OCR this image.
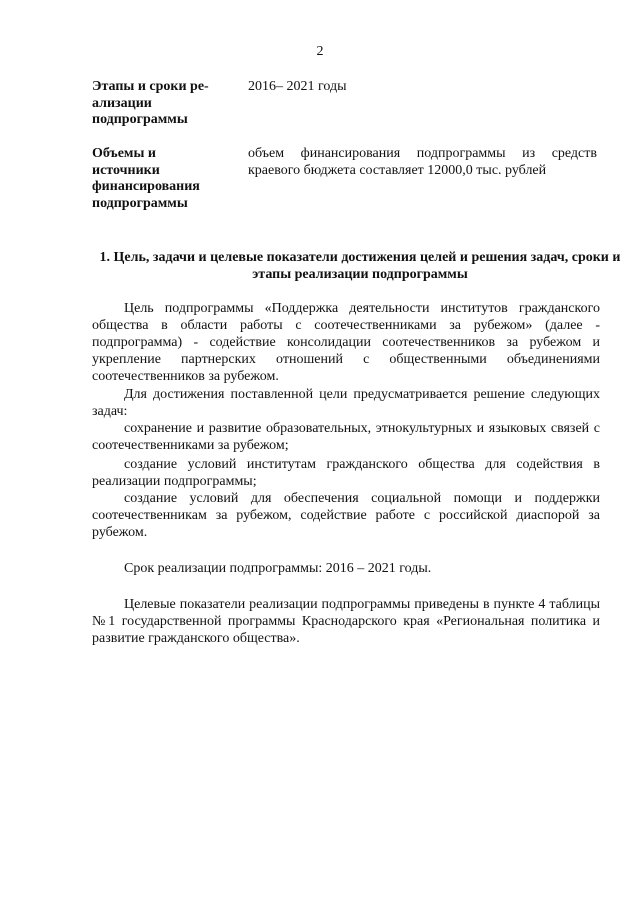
2
Этапы и сроки ре-
ализации
подпрограммы
2016– 2021 годы
Объемы и
источники
финансирования
подпрограммы
объем финансирования подпрограммы из средств краевого бюджета составляет 12000,0 тыс. рублей
1. Цель, задачи и целевые показатели достижения целей и решения задач, сроки и этапы реализации подпрограммы

Цель подпрограммы «Поддержка деятельности институтов гражданского общества в области работы с соотечественниками за рубежом» (далее - подпрограмма) - содействие консолидации соотечественников за рубежом и укрепление партнерских отношений с общественными объединениями соотечественников за рубежом.

Для достижения поставленной цели предусматривается решение следующих задач:

сохранение и развитие образовательных, этнокультурных и языковых связей с соотечественниками за рубежом;

создание условий институтам гражданского общества для содействия в реализации подпрограммы;

создание условий для обеспечения социальной помощи и поддержки соотечественникам за рубежом, содействие работе с российской диаспорой за рубежом.

Срок реализации подпрограммы: 2016 – 2021 годы.

Целевые показатели реализации подпрограммы приведены в пункте 4 таблицы №1 государственной программы Краснодарского края «Региональная политика и развитие гражданского общества».
